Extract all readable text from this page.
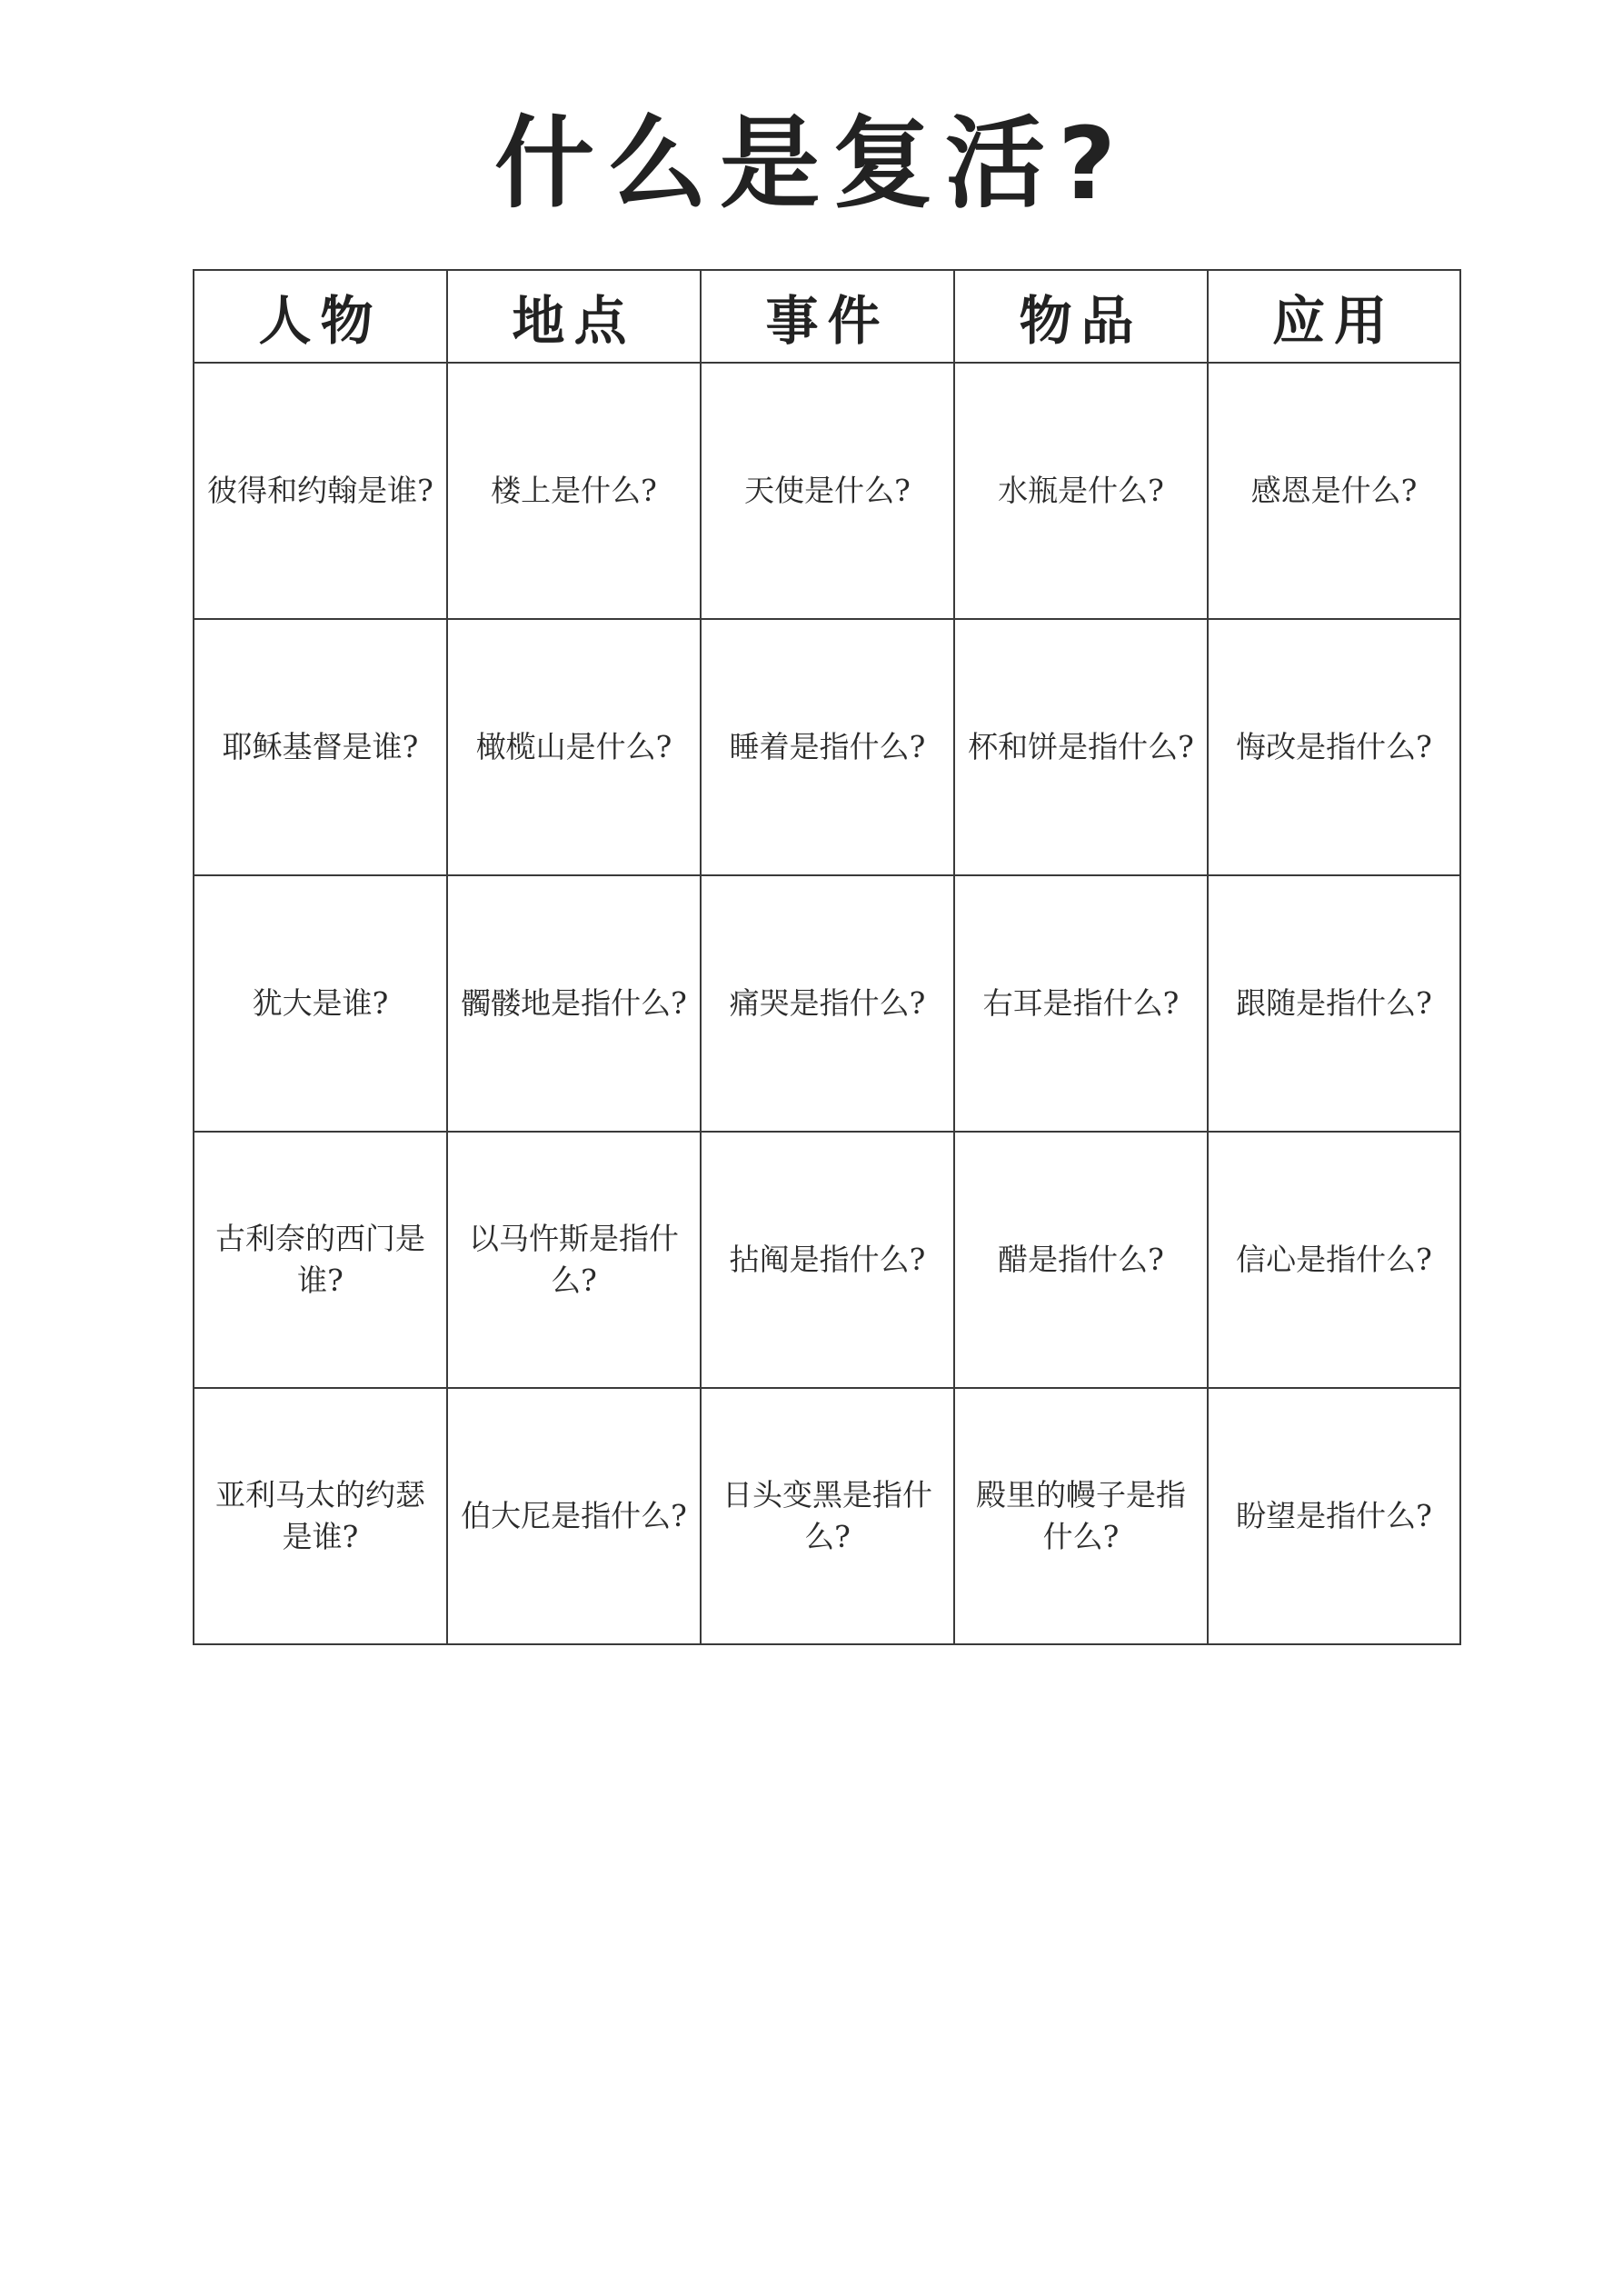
什么是复活?
人物	地点	事件	物品	应用
彼得和约翰是谁?	楼上是什么?	天使是什么?	水瓶是什么?	感恩是什么?
耶稣基督是谁?	橄榄山是什么?	睡着是指什么?	杯和饼是指什么?	悔改是指什么?
犹大是谁?	髑髅地是指什么?	痛哭是指什么?	右耳是指什么?	跟随是指什么?
古利奈的西门是谁?	以马忤斯是指什么?	拈阄是指什么?	醋是指什么?	信心是指什么?
亚利马太的约瑟是谁?	伯大尼是指什么?	日头变黑是指什么?	殿里的幔子是指什么?	盼望是指什么?
